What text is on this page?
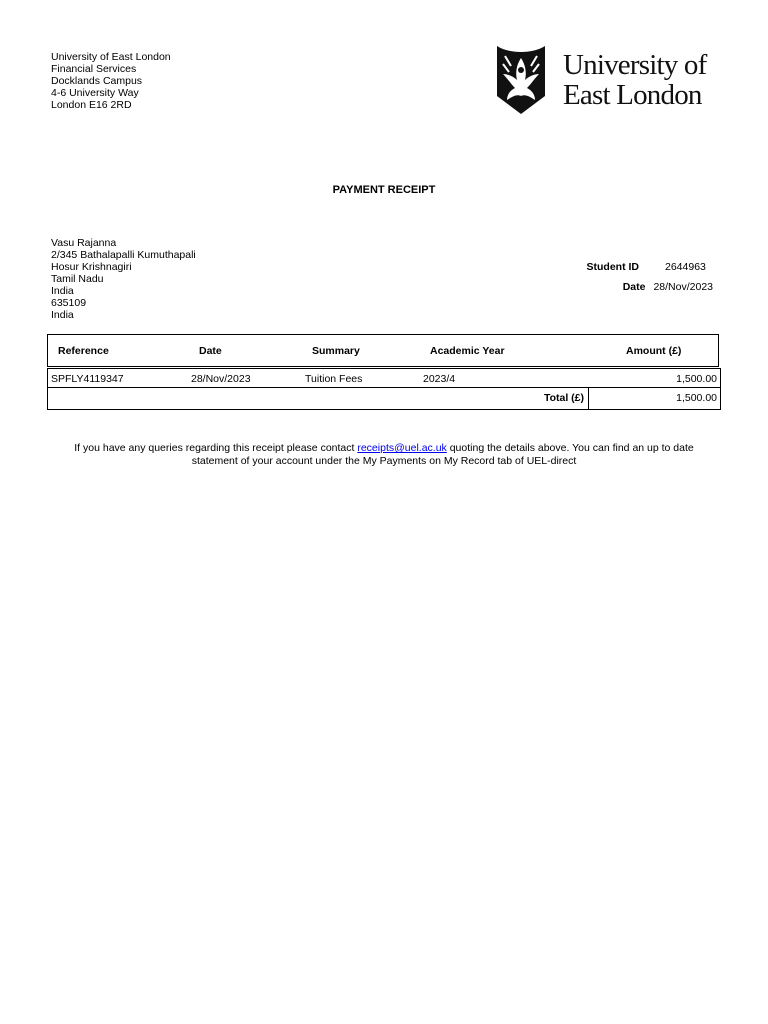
University of East London
Financial Services
Docklands Campus
4-6 University Way
London E16 2RD
University of
East London
PAYMENT RECEIPT
Vasu Rajanna
2/345 Bathalapalli Kumuthapali
Hosur Krishnagiri
Tamil Nadu
India
635109
India
Student ID 2644963
Date 28/Nov/2023
Reference	Date	Summary	Academic Year	Amount (£)
SPFLY4119347	28/Nov/2023	Tuition Fees	2023/4	1,500.00
Total (£)	1,500.00
If you have any queries regarding this receipt please contact receipts@uel.ac.uk quoting the details above. You can find an up to date
statement of your account under the My Payments on My Record tab of UEL-direct
